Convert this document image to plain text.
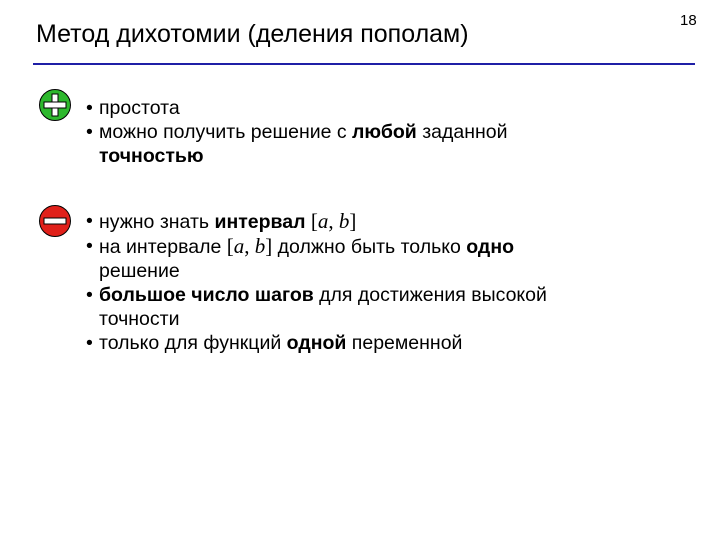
Метод дихотомии (деления пополам)	18
• простота
• можно получить решение с любой заданной
точностью
• нужно знать интервал [a, b]
• на интервале [a, b] должно быть только одно
решение
• большое число шагов для достижения высокой
точности
• только для функций одной переменной
